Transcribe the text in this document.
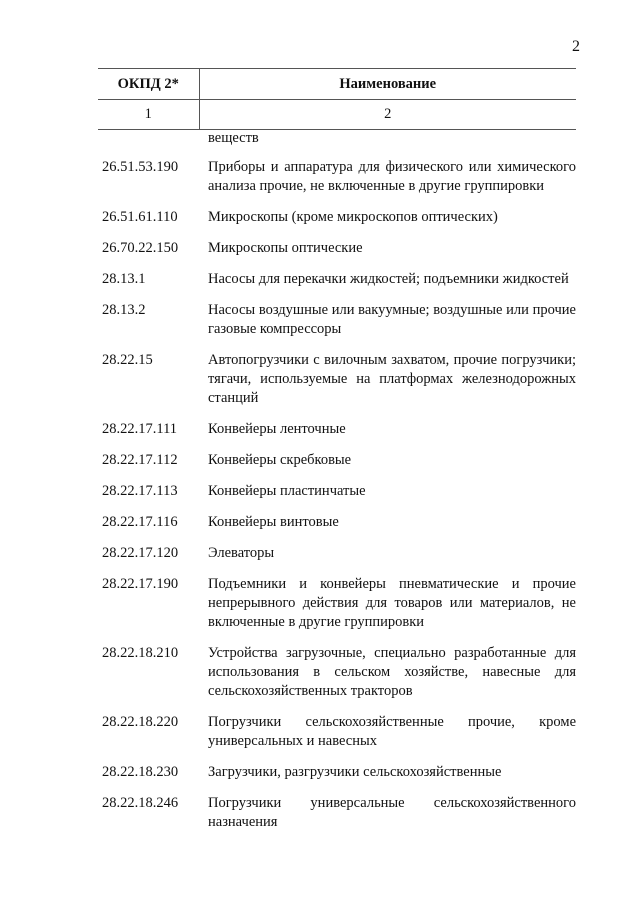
2
ОКПД 2*	Наименование
1	2
	веществ
26.51.53.190	Приборы и аппаратура для физического или химического анализа прочие, не включенные в другие группировки
26.51.61.110	Микроскопы (кроме микроскопов оптических)
26.70.22.150	Микроскопы оптические
28.13.1	Насосы для перекачки жидкостей; подъемники жидкостей
28.13.2	Насосы воздушные или вакуумные; воздушные или прочие газовые компрессоры
28.22.15	Автопогрузчики с вилочным захватом, прочие погрузчики; тягачи, используемые на платформах железнодорожных станций
28.22.17.111	Конвейеры ленточные
28.22.17.112	Конвейеры скребковые
28.22.17.113	Конвейеры пластинчатые
28.22.17.116	Конвейеры винтовые
28.22.17.120	Элеваторы
28.22.17.190	Подъемники и конвейеры пневматические и прочие непрерывного действия для товаров или материалов, не включенные в другие группировки
28.22.18.210	Устройства загрузочные, специально разработанные для использования в сельском хозяйстве, навесные для сельскохозяйственных тракторов
28.22.18.220	Погрузчики сельскохозяйственные прочие, кроме универсальных и навесных
28.22.18.230	Загрузчики, разгрузчики сельскохозяйственные
28.22.18.246	Погрузчики универсальные сельскохозяйственного назначения
